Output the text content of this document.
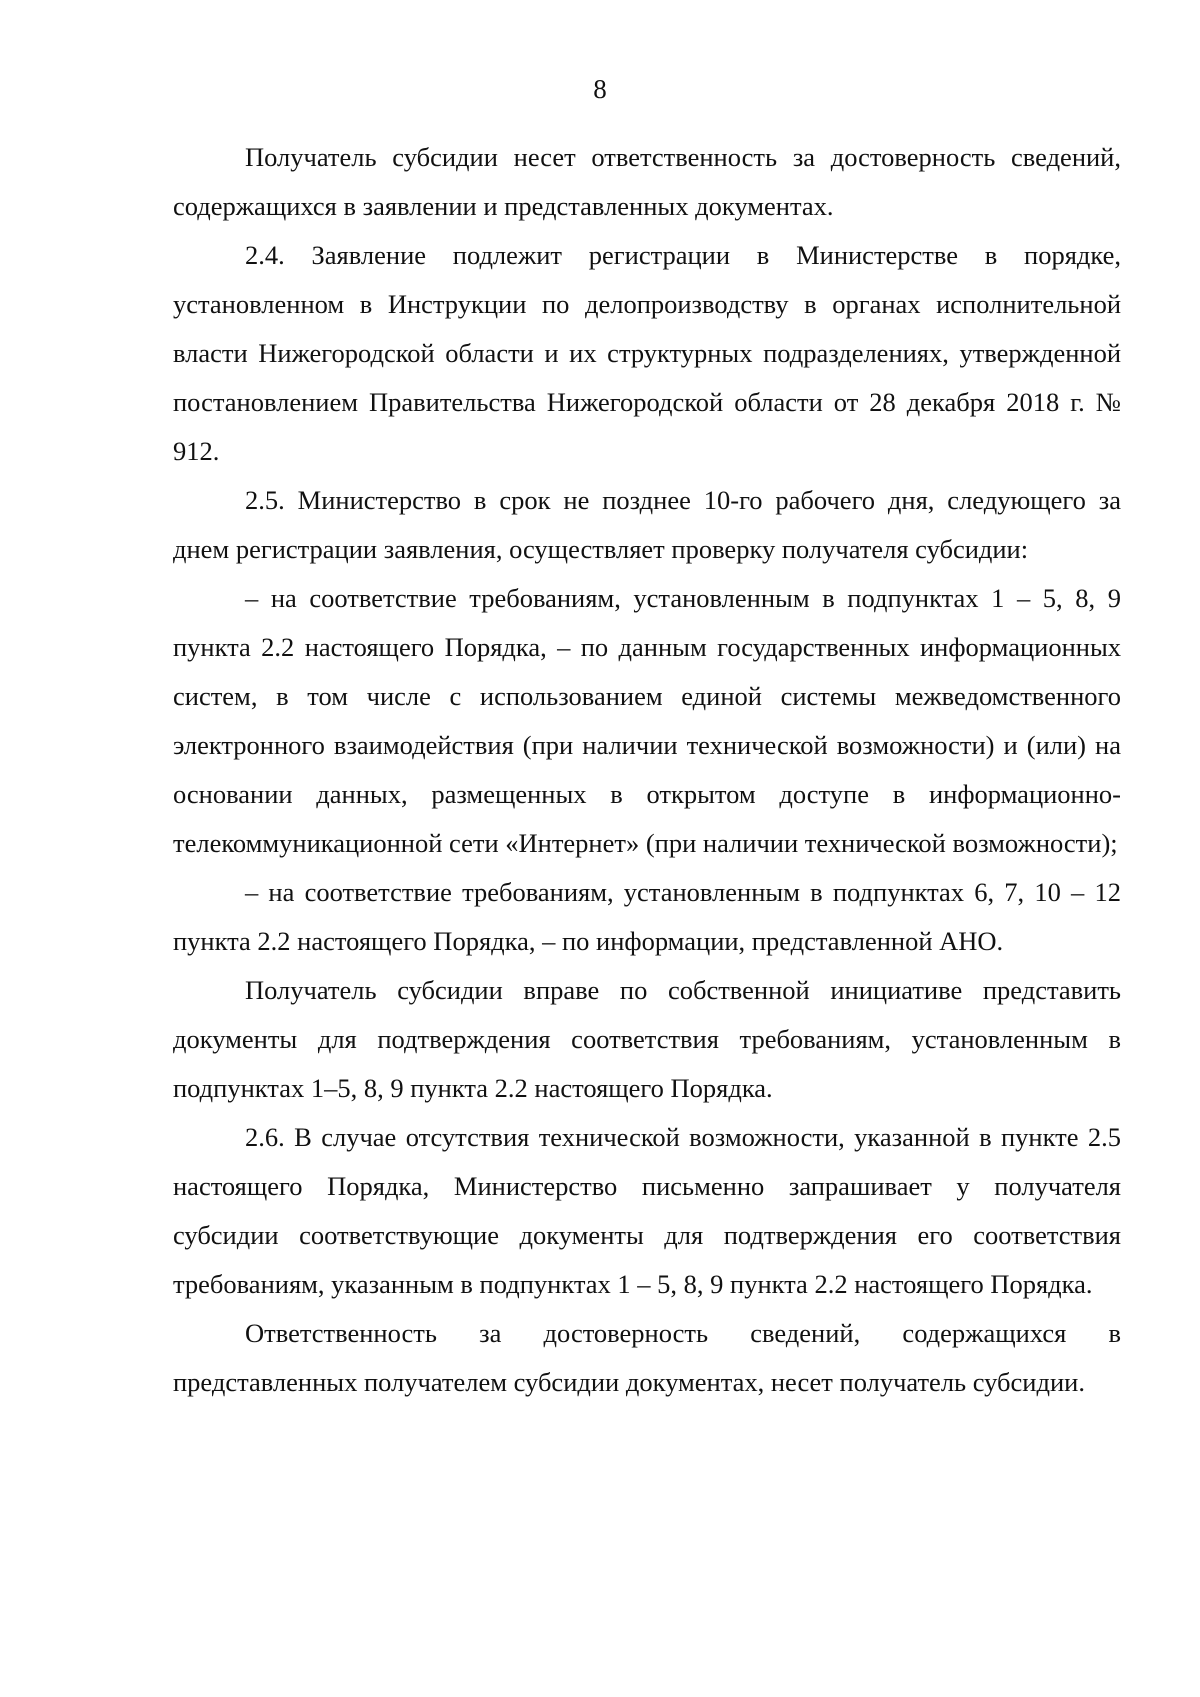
8

Получатель субсидии несет ответственность за достоверность сведений, содержащихся в заявлении и представленных документах.

2.4. Заявление подлежит регистрации в Министерстве в порядке, установленном в Инструкции по делопроизводству в органах исполнительной власти Нижегородской области и их структурных подразделениях, утвержденной постановлением Правительства Нижегородской области от 28 декабря 2018 г. № 912.

2.5. Министерство в срок не позднее 10-го рабочего дня, следующего за днем регистрации заявления, осуществляет проверку получателя субсидии:

– на соответствие требованиям, установленным в подпунктах 1 – 5, 8, 9 пункта 2.2 настоящего Порядка, – по данным государственных информационных систем, в том числе с использованием единой системы межведомственного электронного взаимодействия (при наличии технической возможности) и (или) на основании данных, размещенных в открытом доступе в информационно-телекоммуникационной сети «Интернет» (при наличии технической возможности);

– на соответствие требованиям, установленным в подпунктах 6, 7, 10 – 12 пункта 2.2 настоящего Порядка, – по информации, представленной АНО.

Получатель субсидии вправе по собственной инициативе представить документы для подтверждения соответствия требованиям, установленным в подпунктах 1–5, 8, 9 пункта 2.2 настоящего Порядка.

2.6. В случае отсутствия технической возможности, указанной в пункте 2.5 настоящего Порядка, Министерство письменно запрашивает у получателя субсидии соответствующие документы для подтверждения его соответствия требованиям, указанным в подпунктах 1 – 5, 8, 9 пункта 2.2 настоящего Порядка.

Ответственность за достоверность сведений, содержащихся в представленных получателем субсидии документах, несет получатель субсидии.
